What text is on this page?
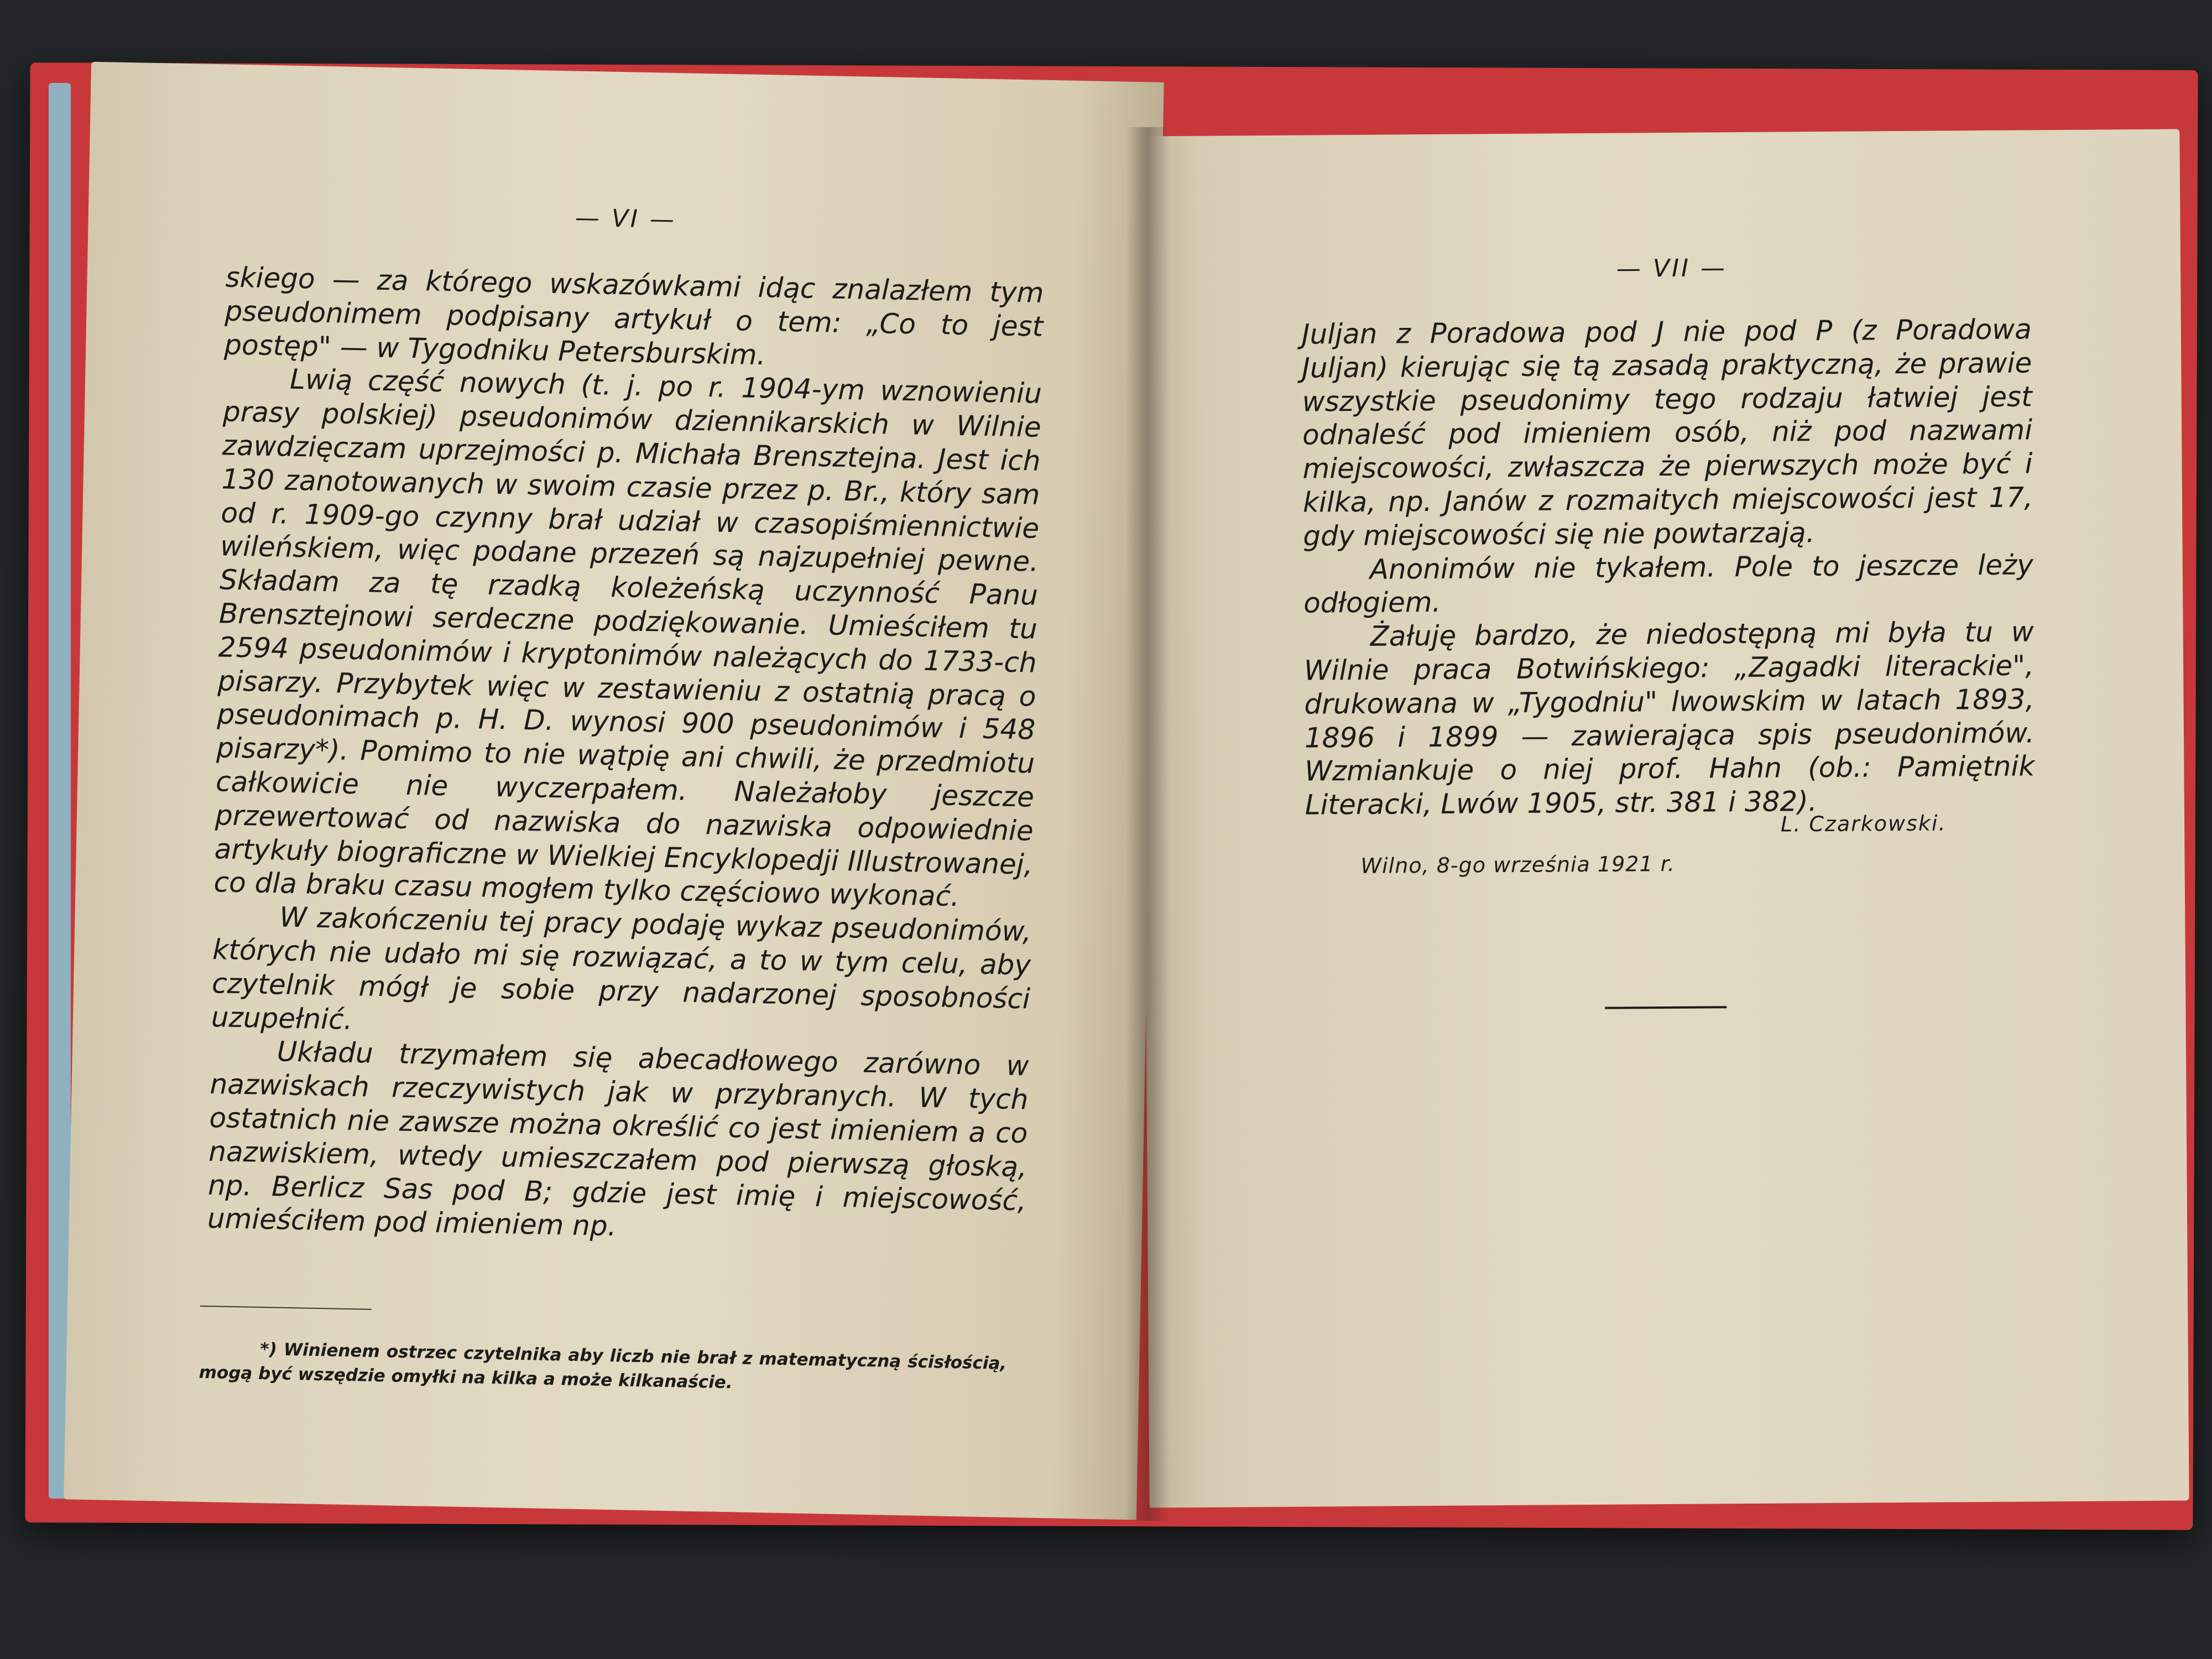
— VI —

skiego — za którego wskazówkami idąc znalazłem tym pseudonimem podpisany artykuł o tem: „Co to jest postęp" — w Tygodniku Petersburskim.

Lwią część nowych (t. j. po r. 1904-ym wznowieniu prasy polskiej) pseudonimów dziennikarskich w Wilnie zawdzięczam uprzejmości p. Michała Brensztejna. Jest ich 130 zanotowanych w swoim czasie przez p. Br., który sam od r. 1909-go czynny brał udział w czasopiśmiennictwie wileńskiem, więc podane przezeń są najzupełniej pewne. Składam za tę rzadką koleżeńską uczynność Panu Brensztejnowi serdeczne podziękowanie. Umieściłem tu 2594 pseudonimów i kryptonimów należących do 1733-ch pisarzy. Przybytek więc w zestawieniu z ostatnią pracą o pseudonimach p. H. D. wynosi 900 pseudonimów i 548 pisarzy*). Pomimo to nie wątpię ani chwili, że przedmiotu całkowicie nie wyczerpałem. Należałoby jeszcze przewertować od nazwiska do nazwiska odpowiednie artykuły biograficzne w Wielkiej Encyklopedji Illustrowanej, co dla braku czasu mogłem tylko częściowo wykonać.

W zakończeniu tej pracy podaję wykaz pseudonimów, których nie udało mi się rozwiązać, a to w tym celu, aby czytelnik mógł je sobie przy nadarzonej sposobności uzupełnić.

Układu trzymałem się abecadłowego zarówno w nazwiskach rzeczywistych jak w przybranych. W tych ostatnich nie zawsze można określić co jest imieniem a co nazwiskiem, wtedy umieszczałem pod pierwszą głoską, np. Berlicz Sas pod B; gdzie jest imię i miejscowość, umieściłem pod imieniem np.

*) Winienem ostrzec czytelnika aby liczb nie brał z matematyczną ścisłością, mogą być wszędzie omyłki na kilka a może kilkanaście.

— VII —

Juljan z Poradowa pod J nie pod P (z Poradowa Juljan) kierując się tą zasadą praktyczną, że prawie wszystkie pseudonimy tego rodzaju łatwiej jest odnaleść pod imieniem osób, niż pod nazwami miejscowości, zwłaszcza że pierwszych może być i kilka, np. Janów z rozmaitych miejscowości jest 17, gdy miejscowości się nie powtarzają.

Anonimów nie tykałem. Pole to jeszcze leży odłogiem.

Żałuję bardzo, że niedostępną mi była tu w Wilnie praca Botwińskiego: „Zagadki literackie", drukowana w „Tygodniu" lwowskim w latach 1893, 1896 i 1899 — zawierająca spis pseudonimów. Wzmiankuje o niej prof. Hahn (ob.: Pamiętnik Literacki, Lwów 1905, str. 381 i 382).

L. Czarkowski.
Wilno, 8-go września 1921 r.
